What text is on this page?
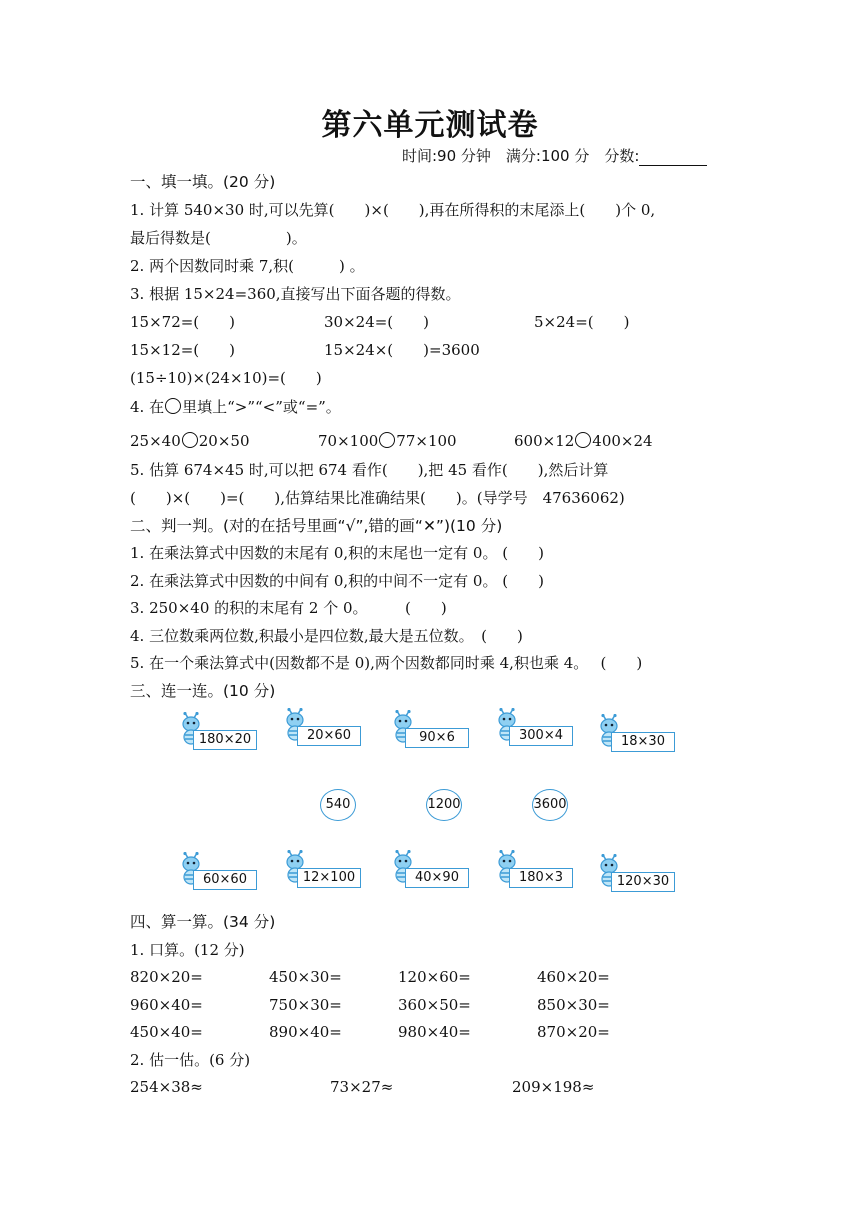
第六单元测试卷
时间:90 分钟　满分:100 分　分数:
一、填一填。(20 分)
1. 计算 540×30 时,可以先算(　　)×(　　),再在所得积的末尾添上(　　)个 0,
最后得数是(　　　　　)。
2. 两个因数同时乘 7,积(　　　) 。
3. 根据 15×24=360,直接写出下面各题的得数。
15×72=(　　)	30×24=(　　)	5×24=(　　)
15×12=(　　)	15×24×(　　)=3600
(15÷10)×(24×10)=(　　)
4. 在 里填上“>”“<”或“=”。
25×40 20×50	70×100 77×100	600×12 400×24
5. 估算 674×45 时,可以把 674 看作(　　),把 45 看作(　　),然后计算
(　　)×(　　)=(　　),估算结果比准确结果(　　)。(导学号　47636062)
二、判一判。(对的在括号里画“√”,错的画“✕”)(10 分)
1. 在乘法算式中因数的末尾有 0,积的末尾也一定有 0。 (　　)
2. 在乘法算式中因数的中间有 0,积的中间不一定有 0。 (　　)
3. 250×40 的积的末尾有 2 个 0。　　　(　　)
4. 三位数乘两位数,积最小是四位数,最大是五位数。　(　　)
5. 在一个乘法算式中(因数都不是 0),两个因数都同时乘 4,积也乘 4。　 (　　)
三、连一连。(10 分)
180×20	20×60	90×6	300×4	18×30
60×60	12×100	40×90	180×3	120×30
540	1200	3600
四、算一算。(34 分)
1. 口算。(12 分)
820×20=	450×30=	120×60=	460×20=
960×40=	750×30=	360×50=	850×30=
450×40=	890×40=	980×40=	870×20=
2. 估一估。(6 分)
254×38≈	73×27≈	209×198≈
